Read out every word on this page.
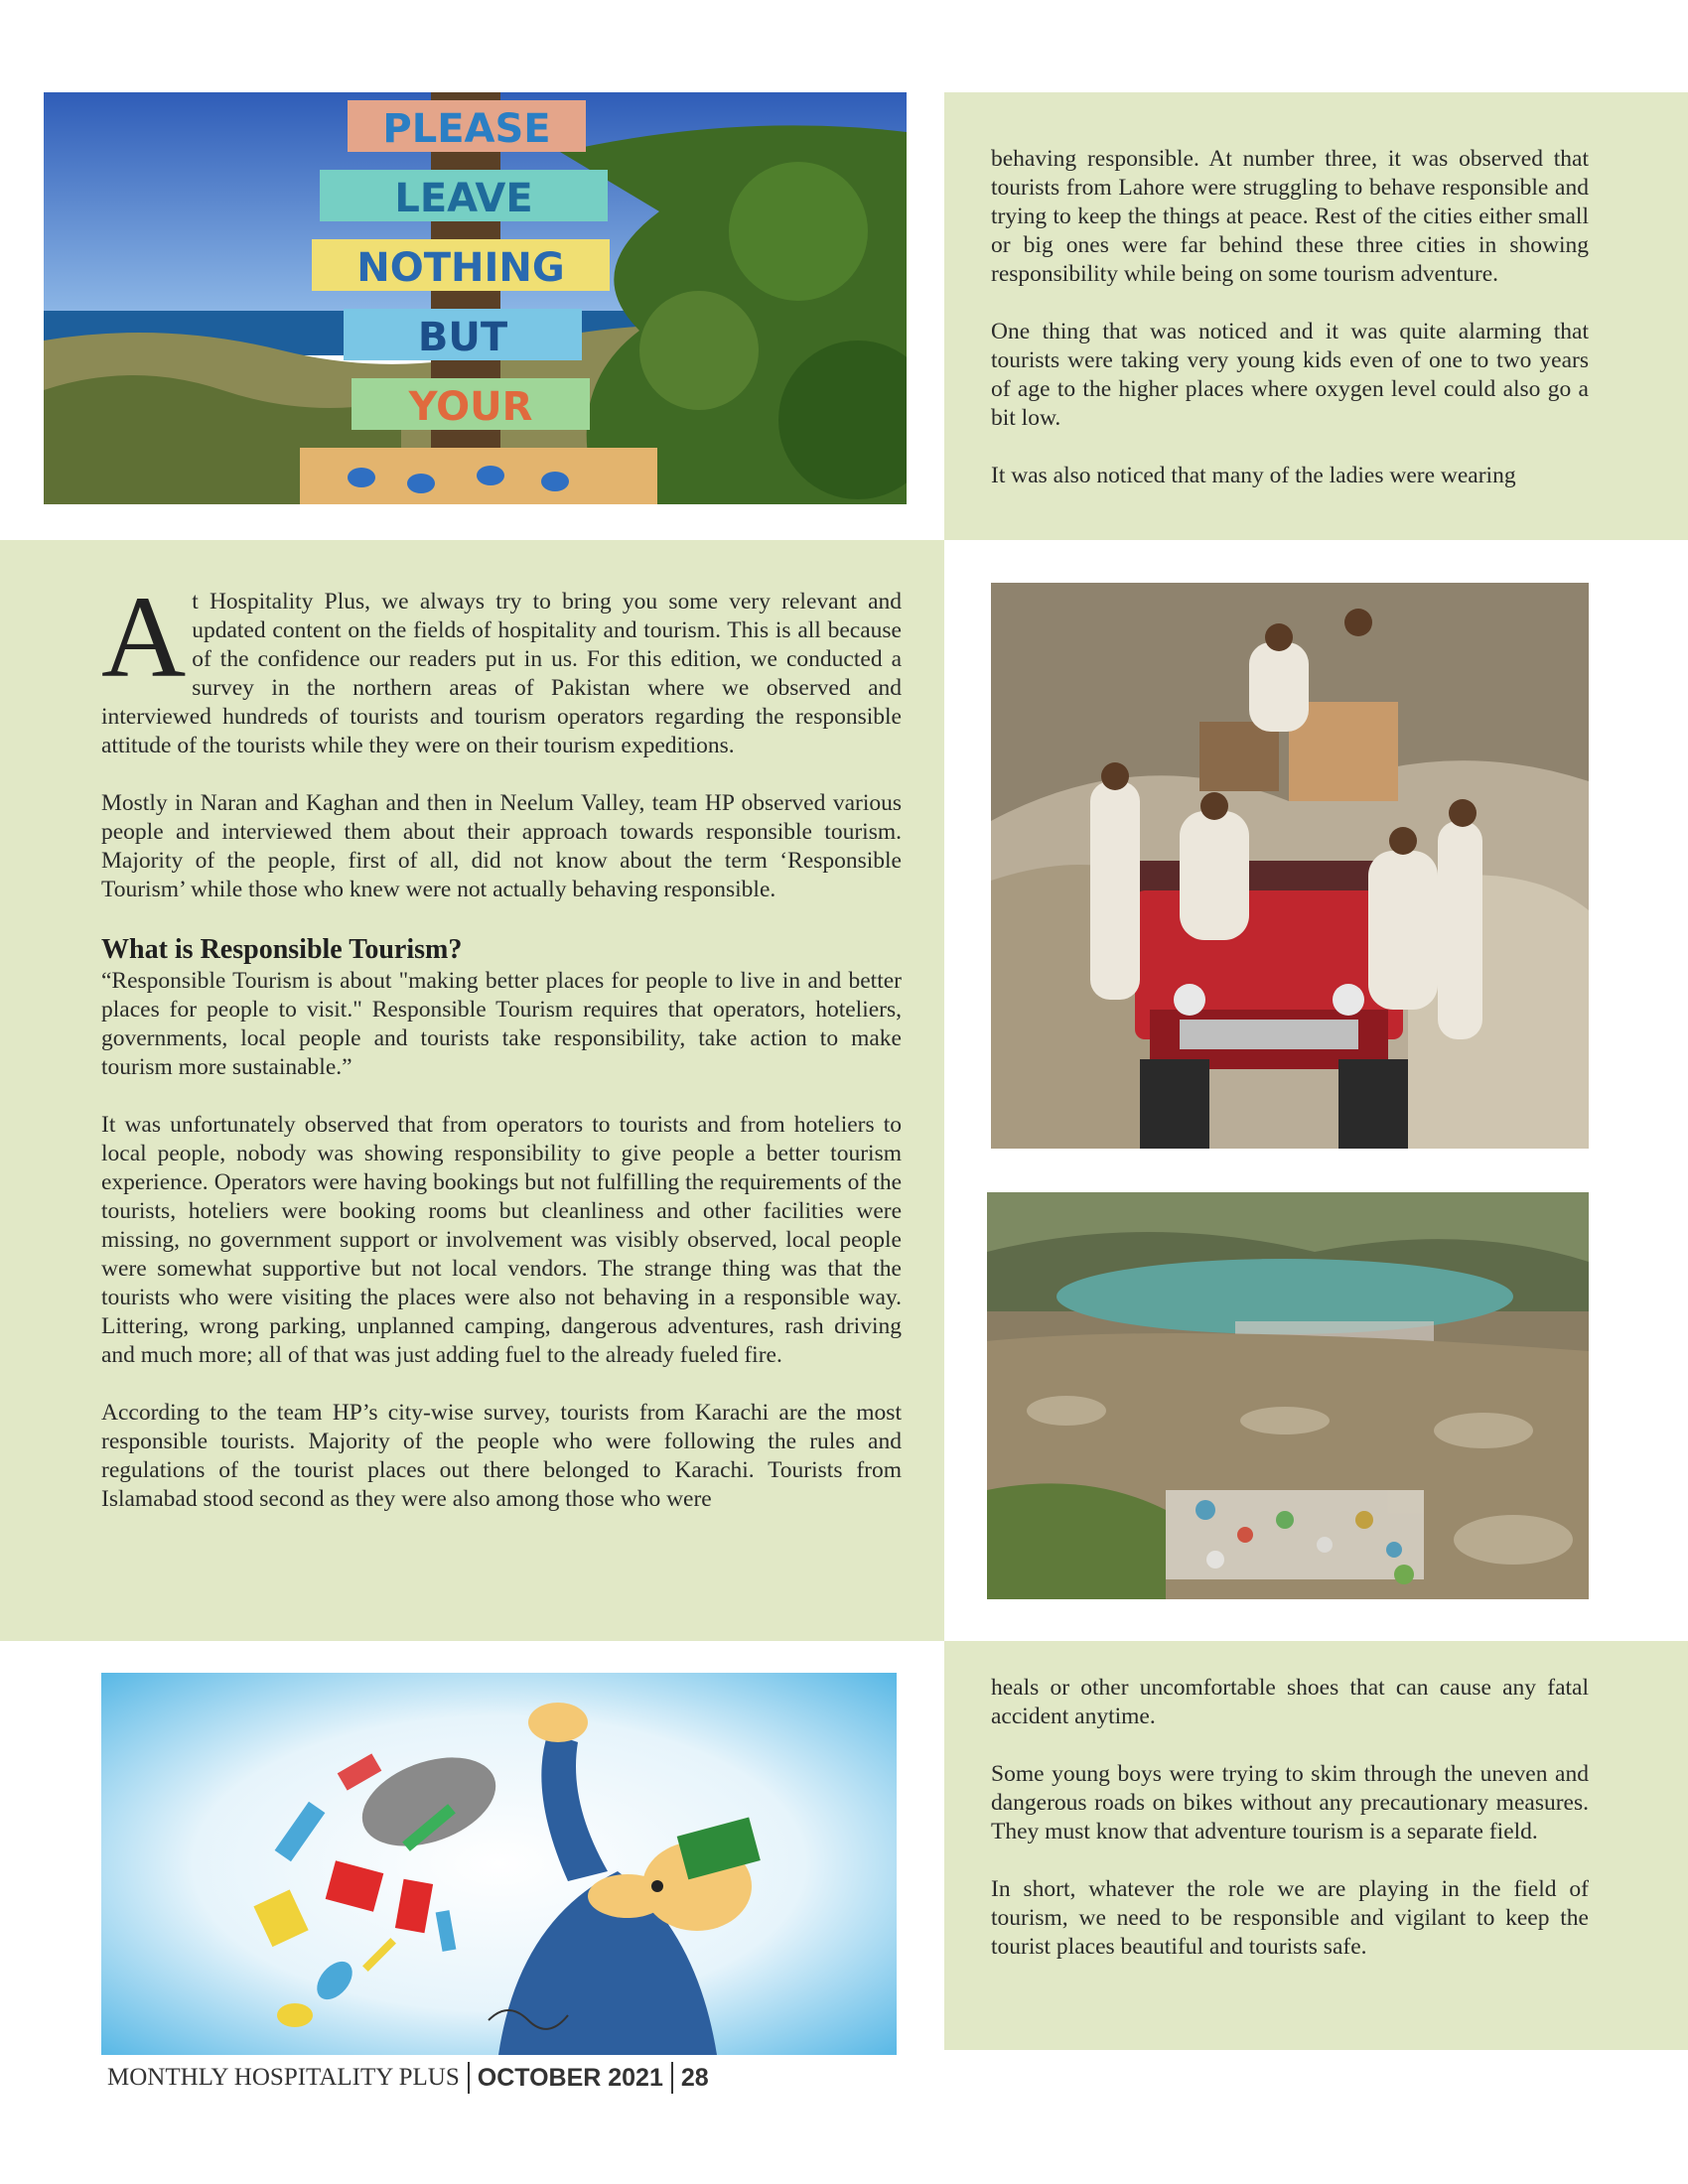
PLEASE
LEAVE
NOTHING
BUT
YOUR

behaving responsible. At number three, it was observed that tourists from Lahore were struggling to behave responsible and trying to keep the things at peace. Rest of the cities either small or big ones were far behind these three cities in showing responsibility while being on some tourism adventure.

One thing that was noticed and it was quite alarming that tourists were taking very young kids even of one to two years of age to the higher places where oxygen level could also go a bit low.

It was also noticed that many of the ladies were wearing

At Hospitality Plus, we always try to bring you some very relevant and updated content on the fields of hospitality and tourism. This is all because of the confidence our readers put in us. For this edition, we conducted a survey in the northern areas of Pakistan where we observed and interviewed hundreds of tourists and tourism operators regarding the responsible attitude of the tourists while they were on their tourism expeditions.

Mostly in Naran and Kaghan and then in Neelum Valley, team HP observed various people and interviewed them about their approach towards responsible tourism. Majority of the people, first of all, did not know about the term ‘Responsible Tourism’ while those who knew were not actually behaving responsible.

What is Responsible Tourism?

“Responsible Tourism is about "making better places for people to live in and better places for people to visit." Responsible Tourism requires that operators, hoteliers, governments, local people and tourists take responsibility, take action to make tourism more sustainable.”

It was unfortunately observed that from operators to tourists and from hoteliers to local people, nobody was showing responsibility to give people a better tourism experience. Operators were having bookings but not fulfilling the requirements of the tourists, hoteliers were booking rooms but cleanliness and other facilities were missing, no government support or involvement was visibly observed, local people were somewhat supportive but not local vendors. The strange thing was that the tourists who were visiting the places were also not behaving in a responsible way. Littering, wrong parking, unplanned camping, dangerous adventures, rash driving and much more; all of that was just adding fuel to the already fueled fire.

According to the team HP’s city-wise survey, tourists from Karachi are the most responsible tourists. Majority of the people who were following the rules and regulations of the tourist places out there belonged to Karachi. Tourists from Islamabad stood second as they were also among those who were

heals or other uncomfortable shoes that can cause any fatal accident anytime.

Some young boys were trying to skim through the uneven and dangerous roads on bikes without any precautionary measures. They must know that adventure tourism is a separate field.

In short, whatever the role we are playing in the field of tourism, we need to be responsible and vigilant to keep the tourist places beautiful and tourists safe.

MONTHLY HOSPITALITY PLUS OCTOBER 2021 28
